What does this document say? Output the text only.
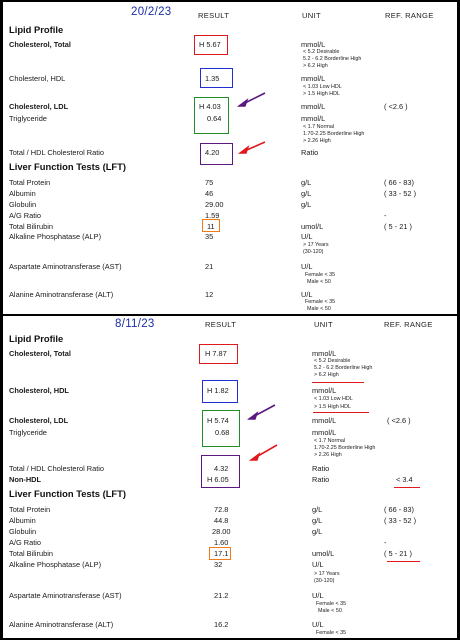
20/2/23	RESULT	UNIT	REF. RANGE
Lipid Profile
Cholesterol, Total	H 5.67	mmol/L
< 5.2 Desirable
5.2 - 6.2 Borderline High
> 6.2 High
Cholesterol, HDL	1.35	mmol/L
< 1.03 Low HDL
> 1.5 High HDL
Cholesterol, LDL	H 4.03	mmol/L	( <2.6 )
Triglyceride	0.64	mmol/L
< 1.7 Normal
1.70-2.25 Borderline High
> 2.26 High
Total / HDL Cholesterol Ratio	4.20	Ratio
Liver Function Tests (LFT)
Total Protein	75	g/L	( 66 - 83)
Albumin	46	g/L	( 33 - 52 )
Globulin	29.00	g/L
A/G Ratio	1.59	-
Total Bilirubin	11	umol/L	( 5 - 21 )
Alkaline Phosphatase (ALP)	35	U/L
> 17 Years
(30-120)
Aspartate Aminotransferase (AST)	21	U/L
Female < 35
Male < 50
Alanine Aminotransferase (ALT)	12	U/L
Female < 35
Male < 50
8/11/23	RESULT	UNIT	REF. RANGE
Lipid Profile
Cholesterol, Total	H 7.87	mmol/L
< 5.2 Desirable
5.2 - 6.2 Borderline High
> 6.2 High
Cholesterol, HDL	H 1.82	mmol/L
< 1.03 Low HDL
> 1.5 High HDL
Cholesterol, LDL	H 5.74	mmol/L	( <2.6 )
Triglyceride	0.68	mmol/L
< 1.7 Normal
1.70-2.25 Borderline High
> 2.26 High
Total / HDL Cholesterol Ratio	4.32	Ratio
Non-HDL	H 6.05	Ratio	< 3.4
Liver Function Tests (LFT)
Total Protein	72.8	g/L	( 66 - 83)
Albumin	44.8	g/L	( 33 - 52 )
Globulin	28.00	g/L
A/G Ratio	1.60	-
Total Bilirubin	17.1	umol/L	( 5 - 21 )
Alkaline Phosphatase (ALP)	32	U/L
> 17 Years
(30-120)
Aspartate Aminotransferase (AST)	21.2	U/L
Female < 35
Male < 50
Alanine Aminotransferase (ALT)	16.2	U/L
Female < 35
